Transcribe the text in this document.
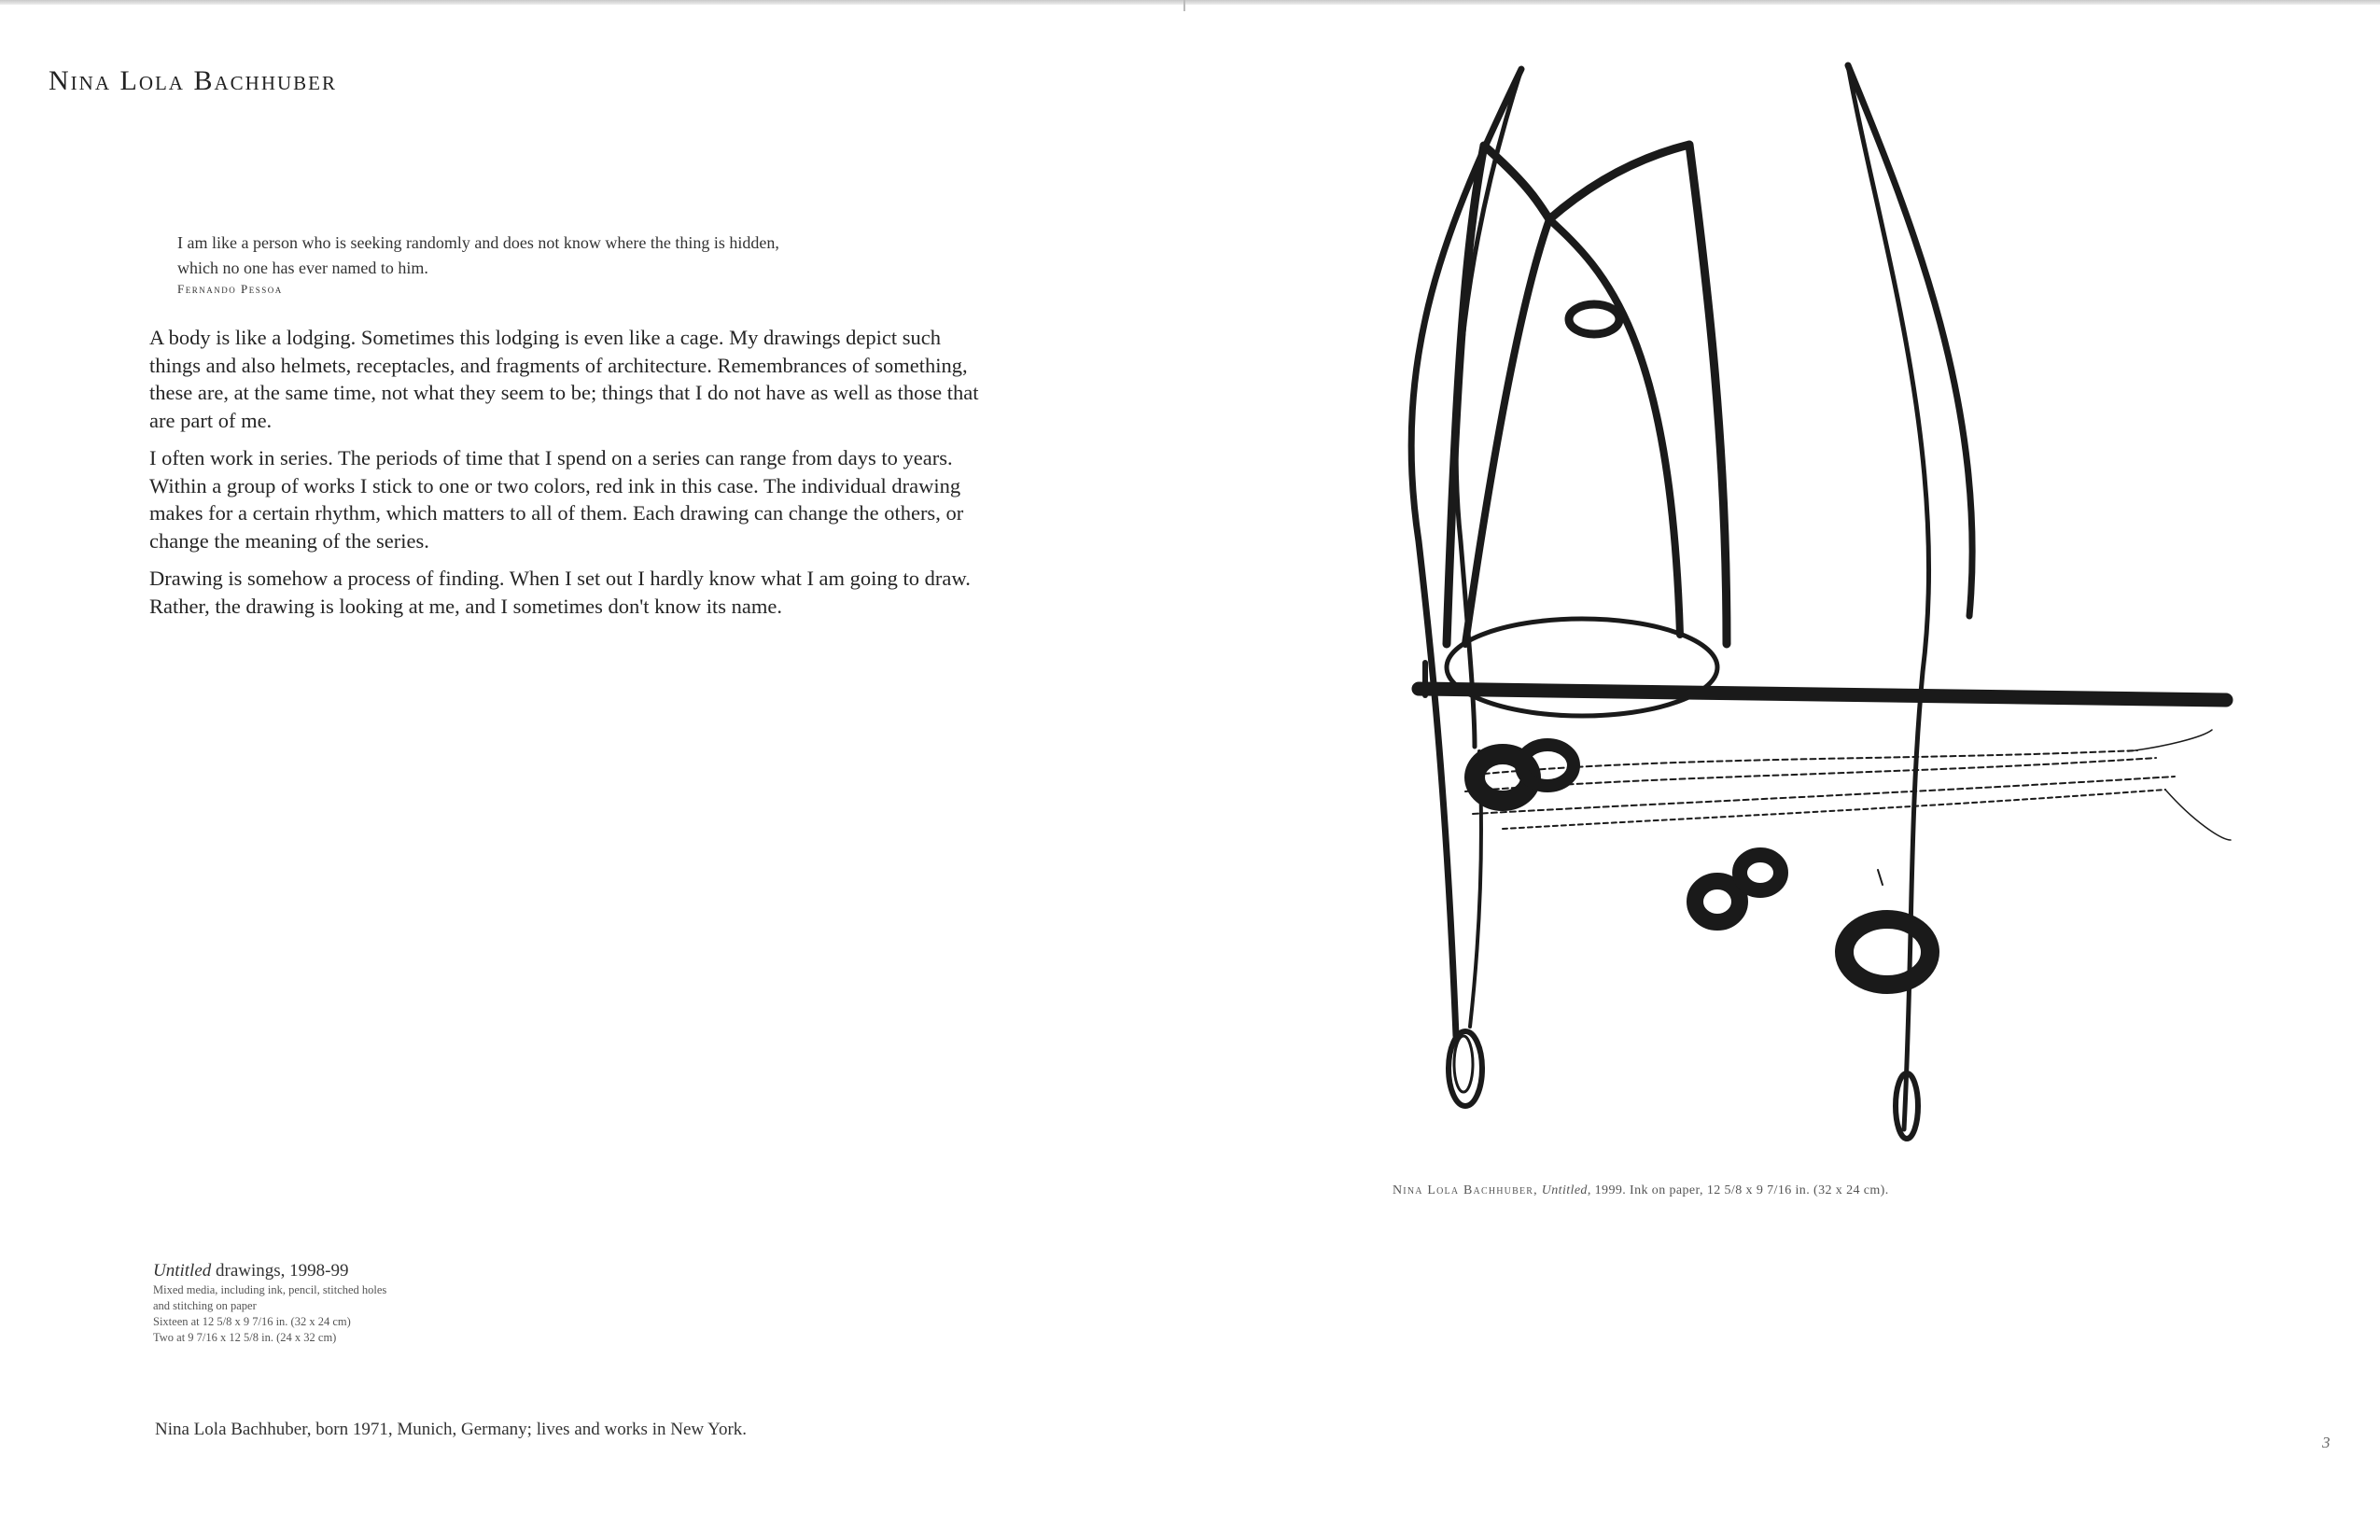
Nina Lola Bachhuber
I am like a person who is seeking randomly and does not know where the thing is hidden,
which no one has ever named to him.
Fernando Pessoa

A body is like a lodging. Sometimes this lodging is even like a cage. My drawings depict such things and also helmets, receptacles, and fragments of architecture. Remembrances of something, these are, at the same time, not what they seem to be; things that I do not have as well as those that are part of me.

I often work in series. The periods of time that I spend on a series can range from days to years. Within a group of works I stick to one or two colors, red ink in this case. The individual drawing makes for a certain rhythm, which matters to all of them. Each drawing can change the others, or change the meaning of the series.

Drawing is somehow a process of finding. When I set out I hardly know what I am going to draw. Rather, the drawing is looking at me, and I sometimes don't know its name.

Nina Lola Bachhuber, Untitled, 1999. Ink on paper, 12 5/8 x 9 7/16 in. (32 x 24 cm).
Untitled drawings, 1998-99
Mixed media, including ink, pencil, stitched holes
and stitching on paper
Sixteen at 12 5/8 x 9 7/16 in. (32 x 24 cm)
Two at 9 7/16 x 12 5/8 in. (24 x 32 cm)
Nina Lola Bachhuber, born 1971, Munich, Germany; lives and works in New York.
3
